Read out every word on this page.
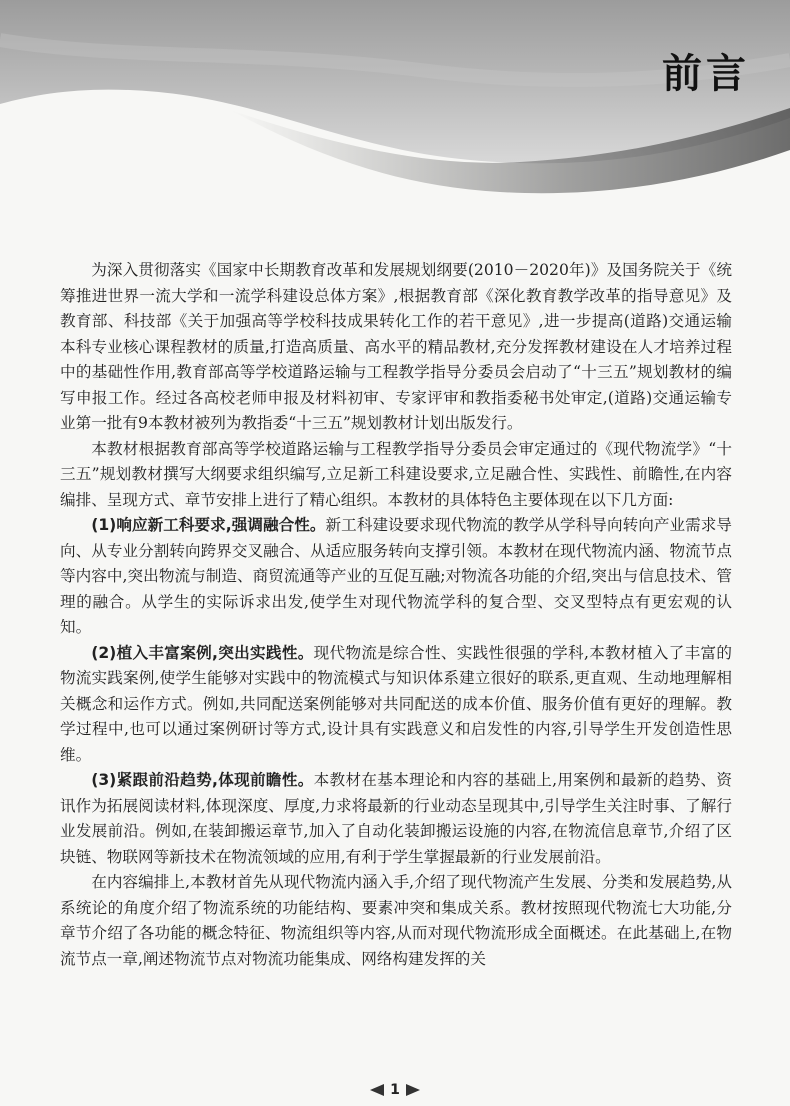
前言

为深入贯彻落实《国家中长期教育改革和发展规划纲要(2010－2020年)》及国务院关于《统筹推进世界一流大学和一流学科建设总体方案》,根据教育部《深化教育教学改革的指导意见》及教育部、科技部《关于加强高等学校科技成果转化工作的若干意见》,进一步提高(道路)交通运输本科专业核心课程教材的质量,打造高质量、高水平的精品教材,充分发挥教材建设在人才培养过程中的基础性作用,教育部高等学校道路运输与工程教学指导分委员会启动了“十三五”规划教材的编写申报工作。经过各高校老师申报及材料初审、专家评审和教指委秘书处审定,(道路)交通运输专业第一批有9本教材被列为教指委“十三五”规划教材计划出版发行。

本教材根据教育部高等学校道路运输与工程教学指导分委员会审定通过的《现代物流学》“十三五”规划教材撰写大纲要求组织编写,立足新工科建设要求,立足融合性、实践性、前瞻性,在内容编排、呈现方式、章节安排上进行了精心组织。本教材的具体特色主要体现在以下几方面:

(1)响应新工科要求,强调融合性。新工科建设要求现代物流的教学从学科导向转向产业需求导向、从专业分割转向跨界交叉融合、从适应服务转向支撑引领。本教材在现代物流内涵、物流节点等内容中,突出物流与制造、商贸流通等产业的互促互融;对物流各功能的介绍,突出与信息技术、管理的融合。从学生的实际诉求出发,使学生对现代物流学科的复合型、交叉型特点有更宏观的认知。

(2)植入丰富案例,突出实践性。现代物流是综合性、实践性很强的学科,本教材植入了丰富的物流实践案例,使学生能够对实践中的物流模式与知识体系建立很好的联系,更直观、生动地理解相关概念和运作方式。例如,共同配送案例能够对共同配送的成本价值、服务价值有更好的理解。教学过程中,也可以通过案例研讨等方式,设计具有实践意义和启发性的内容,引导学生开发创造性思维。

(3)紧跟前沿趋势,体现前瞻性。本教材在基本理论和内容的基础上,用案例和最新的趋势、资讯作为拓展阅读材料,体现深度、厚度,力求将最新的行业动态呈现其中,引导学生关注时事、了解行业发展前沿。例如,在装卸搬运章节,加入了自动化装卸搬运设施的内容,在物流信息章节,介绍了区块链、物联网等新技术在物流领域的应用,有利于学生掌握最新的行业发展前沿。

在内容编排上,本教材首先从现代物流内涵入手,介绍了现代物流产生发展、分类和发展趋势,从系统论的角度介绍了物流系统的功能结构、要素冲突和集成关系。教材按照现代物流七大功能,分章节介绍了各功能的概念特征、物流组织等内容,从而对现代物流形成全面概述。在此基础上,在物流节点一章,阐述物流节点对物流功能集成、网络构建发挥的关

1
